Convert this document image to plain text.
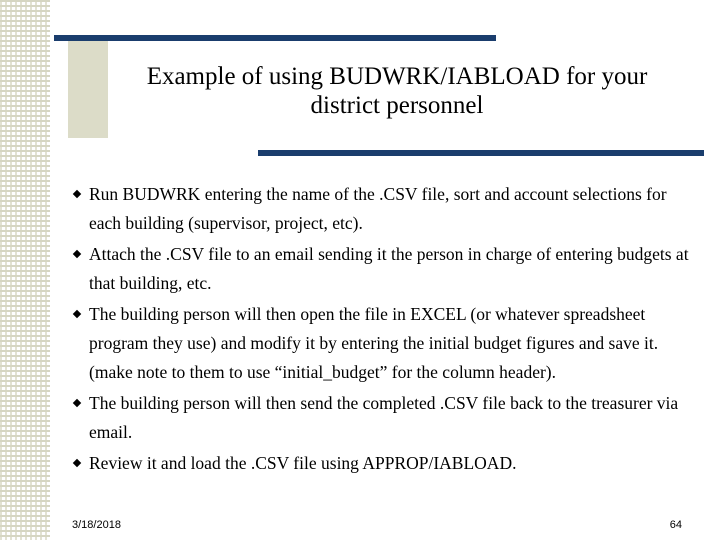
Example of using BUDWRK/IABLOAD for your
district personnel
Run BUDWRK entering the name of the .CSV file, sort and account selections for each building (supervisor, project, etc).
Attach the .CSV file to an email sending it the person in charge of entering budgets at that building, etc.
The building person will then open the file in EXCEL (or whatever spreadsheet program they use) and modify it by entering the initial budget figures and save it. (make note to them to use “initial_budget” for the column header).
The building person will then send the completed .CSV file back to the treasurer via email.
Review it and load the .CSV file using APPROP/IABLOAD.
3/18/2018	64
